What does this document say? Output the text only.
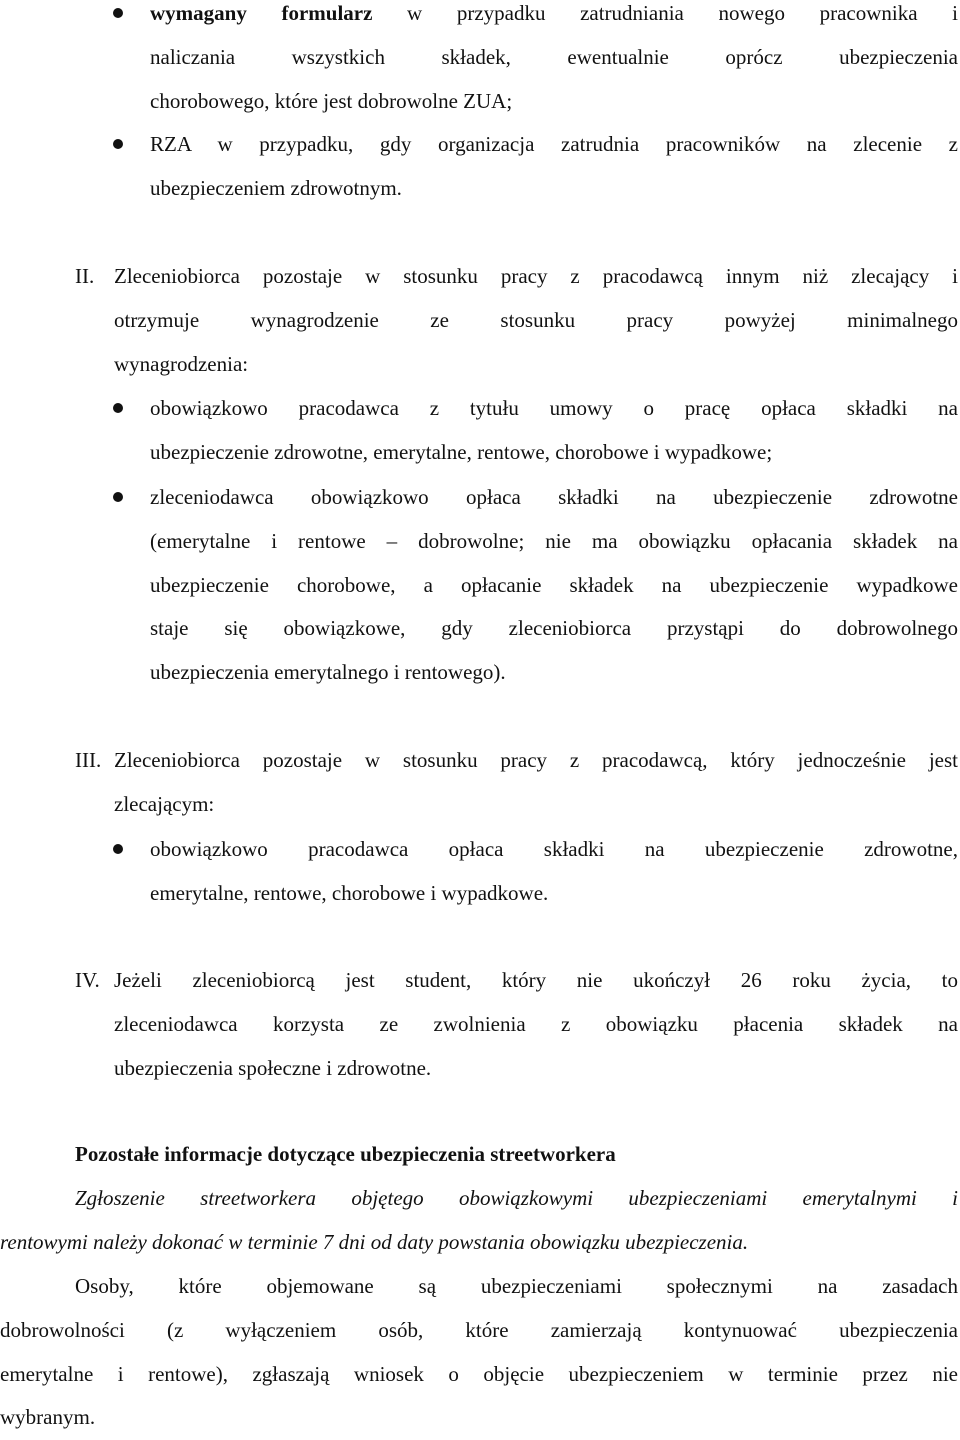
wymagany formularz w przypadku zatrudniania nowego pracownika i
naliczania wszystkich składek, ewentualnie oprócz ubezpieczenia
chorobowego, które jest dobrowolne ZUA;
RZA w przypadku, gdy organizacja zatrudnia pracowników na zlecenie z
ubezpieczeniem zdrowotnym.
II. Zleceniobiorca pozostaje w stosunku pracy z pracodawcą innym niż zlecający i
otrzymuje wynagrodzenie ze stosunku pracy powyżej minimalnego
wynagrodzenia:
obowiązkowo pracodawca z tytułu umowy o pracę opłaca składki na
ubezpieczenie zdrowotne, emerytalne, rentowe, chorobowe i wypadkowe;
zleceniodawca obowiązkowo opłaca składki na ubezpieczenie zdrowotne
(emerytalne i rentowe – dobrowolne; nie ma obowiązku opłacania składek na
ubezpieczenie chorobowe, a opłacanie składek na ubezpieczenie wypadkowe
staje się obowiązkowe, gdy zleceniobiorca przystąpi do dobrowolnego
ubezpieczenia emerytalnego i rentowego).
III. Zleceniobiorca pozostaje w stosunku pracy z pracodawcą, który jednocześnie jest
zlecającym:
obowiązkowo pracodawca opłaca składki na ubezpieczenie zdrowotne,
emerytalne, rentowe, chorobowe i wypadkowe.
IV. Jeżeli zleceniobiorcą jest student, który nie ukończył 26 roku życia, to
zleceniodawca korzysta ze zwolnienia z obowiązku płacenia składek na
ubezpieczenia społeczne i zdrowotne.
Pozostałe informacje dotyczące ubezpieczenia streetworkera
Zgłoszenie streetworkera objętego obowiązkowymi ubezpieczeniami emerytalnymi i
rentowymi należy dokonać w terminie 7 dni od daty powstania obowiązku ubezpieczenia.
Osoby, które objemowane są ubezpieczeniami społecznymi na zasadach
dobrowolności (z wyłączeniem osób, które zamierzają kontynuować ubezpieczenia
emerytalne i rentowe), zgłaszają wniosek o objęcie ubezpieczeniem w terminie przez nie
wybranym.
